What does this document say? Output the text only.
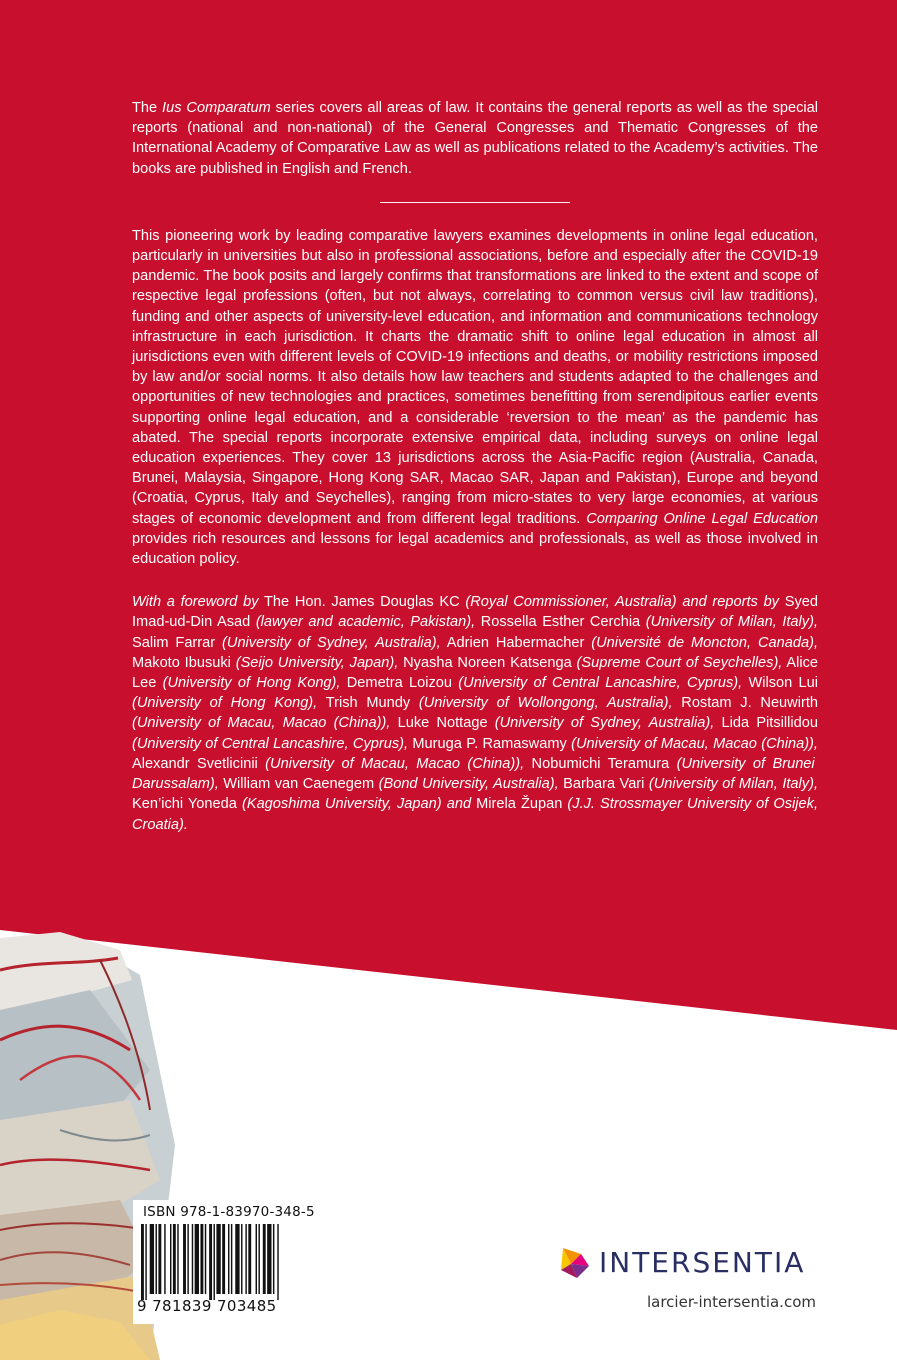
The Ius Comparatum series covers all areas of law. It contains the general reports as well as the special reports (national and non-national) of the General Congresses and Thematic Congresses of the International Academy of Comparative Law as well as publications related to the Academy’s activities. The books are published in English and French.

This pioneering work by leading comparative lawyers examines developments in online legal education, particularly in universities but also in professional associations, before and especially after the COVID-19 pandemic. The book posits and largely confirms that transformations are linked to the extent and scope of respective legal professions (often, but not always, correlating to common versus civil law traditions), funding and other aspects of university-level education, and information and communications technology infrastructure in each jurisdiction. It charts the dramatic shift to online legal education in almost all jurisdictions even with different levels of COVID-19 infections and deaths, or mobility restrictions imposed by law and/or social norms. It also details how law teachers and students adapted to the challenges and opportunities of new technologies and practices, sometimes benefitting from serendipitous earlier events supporting online legal education, and a considerable ‘reversion to the mean’ as the pandemic has abated. The special reports incorporate extensive empirical data, including surveys on online legal education experiences. They cover 13 jurisdictions across the Asia-Pacific region (Australia, Canada, Brunei, Malaysia, Singapore, Hong Kong SAR, Macao SAR, Japan and Pakistan), Europe and beyond (Croatia, Cyprus, Italy and Seychelles), ranging from micro-states to very large economies, at various stages of economic development and from different legal traditions. Comparing Online Legal Education provides rich resources and lessons for legal academics and professionals, as well as those involved in education policy.

With a foreword by The Hon. James Douglas KC (Royal Commissioner, Australia) and reports by Syed Imad-ud-Din Asad (lawyer and academic, Pakistan), Rossella Esther Cerchia (University of Milan, Italy), Salim Farrar (University of Sydney, Australia), Adrien Habermacher (Université de Moncton, Canada), Makoto Ibusuki (Seijo University, Japan), Nyasha Noreen Katsenga (Supreme Court of Seychelles), Alice Lee (University of Hong Kong), Demetra Loizou (University of Central Lancashire, Cyprus), Wilson Lui (University of Hong Kong), Trish Mundy (University of Wollongong, Australia), Rostam J. Neuwirth (University of Macau, Macao (China)), Luke Nottage (University of Sydney, Australia), Lida Pitsillidou (University of Central Lancashire, Cyprus), Muruga P. Ramaswamy (University of Macau, Macao (China)), Alexandr Svetlicinii (University of Macau, Macao (China)), Nobumichi Teramura (University of Brunei Darussalam), William van Caenegem (Bond University, Australia), Barbara Vari (University of Milan, Italy), Ken’ichi Yoneda (Kagoshima University, Japan) and Mirela Župan (J.J. Strossmayer University of Osijek, Croatia).

ISBN 978-1-83970-348-5
9 781839 703485
INTERSENTIA
larcier-intersentia.com
